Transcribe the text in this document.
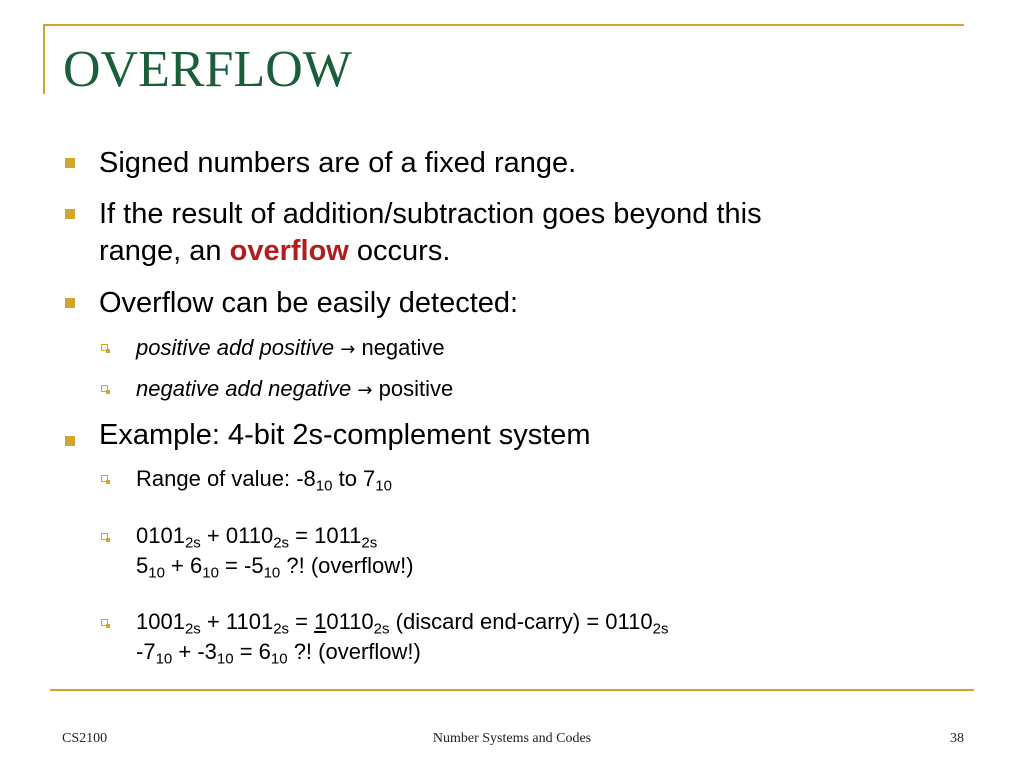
OVERFLOW
Signed numbers are of a fixed range.
If the result of addition/subtraction goes beyond this
range, an overflow occurs.
Overflow can be easily detected:
positive add positive → negative
negative add negative → positive
Example: 4-bit 2s-complement system
Range of value: $-8_{10}$ to $7_{10}$
$0101_{2s} + 0110_{2s} = 1011_{2s}$
$5_{10} + 6_{10} = -5_{10}$ ?! (overflow!)
$1001_{2s} + 1101_{2s} = 10110_{2s}$ (discard end-carry) = $0110_{2s}$
$-7_{10} + -3_{10} = 6_{10}$ ?! (overflow!)
CS2100	Number Systems and Codes	38
